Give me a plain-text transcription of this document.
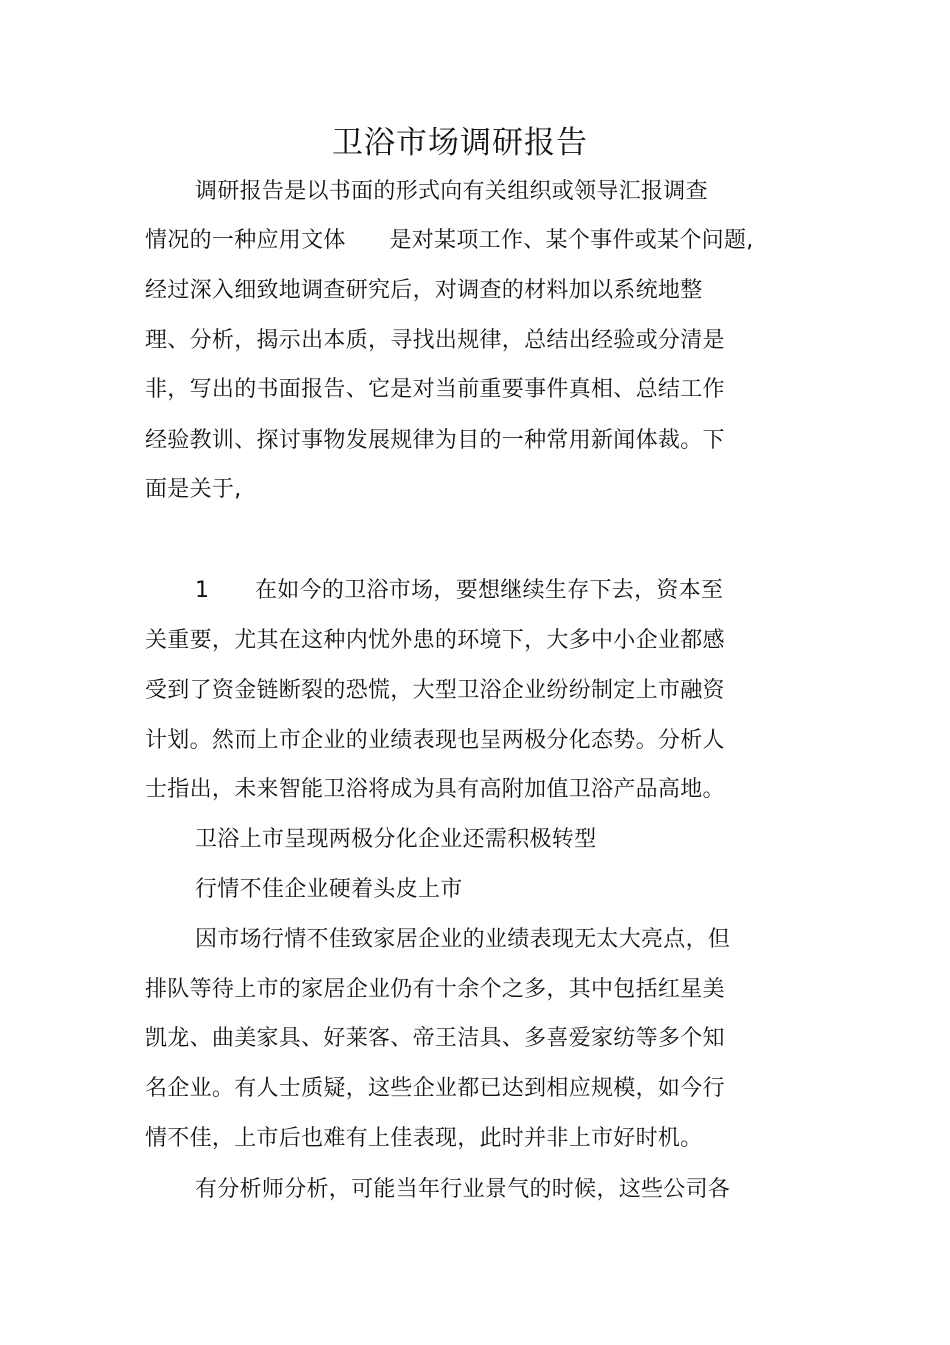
卫浴市场调研报告
调研报告是以书面的形式向有关组织或领导汇报调查
情况的一种应用文体      是对某项工作、某个事件或某个问题,
经过深入细致地调查研究后，对调查的材料加以系统地整
理、分析，揭示出本质，寻找出规律，总结出经验或分清是
非，写出的书面报告、它是对当前重要事件真相、总结工作
经验教训、探讨事物发展规律为目的一种常用新闻体裁。下
面是关于,
1 在如今的卫浴市场，要想继续生存下去，资本至
关重要，尤其在这种内忧外患的环境下，大多中小企业都感
受到了资金链断裂的恐慌，大型卫浴企业纷纷制定上市融资
计划。然而上市企业的业绩表现也呈两极分化态势。分析人
士指出，未来智能卫浴将成为具有高附加值卫浴产品高地。
卫浴上市呈现两极分化企业还需积极转型
行情不佳企业硬着头皮上市
因市场行情不佳致家居企业的业绩表现无太大亮点，但
排队等待上市的家居企业仍有十余个之多，其中包括红星美
凯龙、曲美家具、好莱客、帝王洁具、多喜爱家纺等多个知
名企业。有人士质疑，这些企业都已达到相应规模，如今行
情不佳，上市后也难有上佳表现，此时并非上市好时机。
有分析师分析，可能当年行业景气的时候，这些公司各
